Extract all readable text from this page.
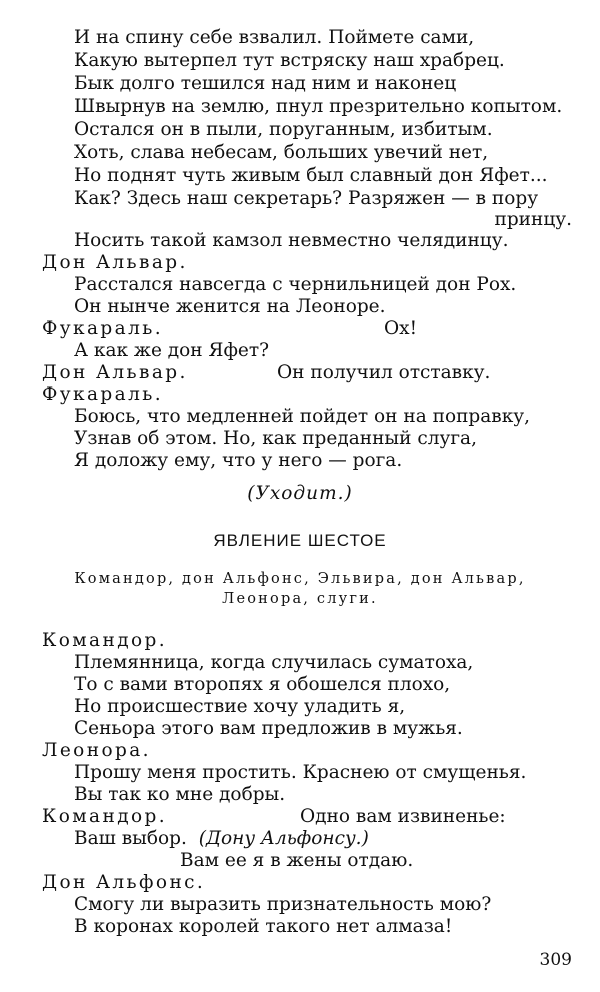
И на спину себе взвалил. Поймете сами,
Какую вытерпел тут встряску наш храбрец.
Бык долго тешился над ним и наконец
Швырнув на землю, пнул презрительно копытом.
Остался он в пыли, поруганным, избитым.
Хоть, слава небесам, больших увечий нет,
Но поднят чуть живым был славный дон Яфет...
Как? Здесь наш секретарь? Разряжен — в пору
принцу.
Носить такой камзол невместно челядинцу.
Дон Альвар.
Расстался навсегда с чернильницей дон Рох.
Он нынче женится на Леоноре.
Фукараль.	Ох!
А как же дон Яфет?
Дон Альвар.	Он получил отставку.
Фукараль.
Боюсь, что медленней пойдет он на поправку,
Узнав об этом. Но, как преданный слуга,
Я доложу ему, что у него — рога.
(Уходит.)
ЯВЛЕНИЕ ШЕСТОЕ
Командор, дон Альфонс, Эльвира, дон Альвар,
Леонора, слуги.
Командор.
Племянница, когда случилась суматоха,
То с вами второпях я обошелся плохо,
Но происшествие хочу уладить я,
Сеньора этого вам предложив в мужья.
Леонора.
Прошу меня простить. Краснею от смущенья.
Вы так ко мне добры.
Командор.	Одно вам извиненье:
Ваш выбор. (Дону Альфонсу.)
Вам ее я в жены отдаю.
Дон Альфонс.
Смогу ли выразить признательность мою?
В коронах королей такого нет алмаза!
309
